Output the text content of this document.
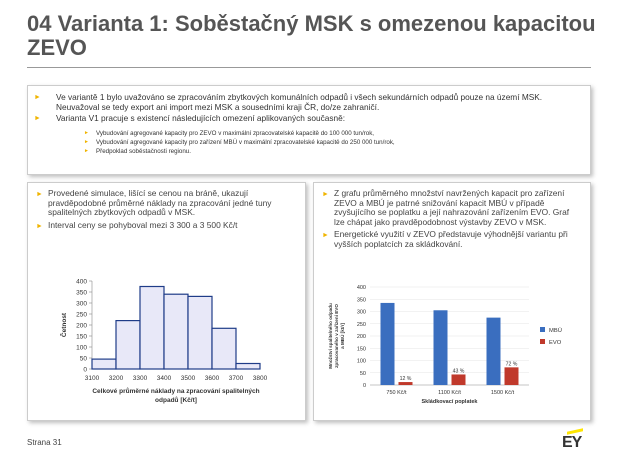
04 Varianta 1: Soběstačný MSK s omezenou kapacitou ZEVO
► Ve variantě 1 bylo uvažováno se zpracováním zbytkových komunálních odpadů i všech sekundárních odpadů pouze na území MSK. Neuvažoval se tedy export ani import mezi MSK a sousedními kraji ČR, do/ze zahraničí.
► Varianta V1 pracuje s existencí následujících omezení aplikovaných současně:
► Vybudování agregované kapacity pro ZEVO v maximální zpracovatelské kapacitě do 100 000 tun/rok,
► Vybudování agregované kapacity pro zařízení MBÚ v maximální zpracovatelské kapacitě do 250 000 tun/rok,
► Předpoklad soběstačnosti regionu.
► Provedené simulace, lišící se cenou na bráně, ukazují pravděpodobné průměrné náklady na zpracování jedné tuny spalitelných zbytkových odpadů v MSK.
► Interval ceny se pohyboval mezi 3 300 a 3 500 Kč/t
0
50
100
150
200
250
300
350
400
3100 3200 3300 3400 3500 3600 3700 3800
Četnost
Celkové průměrné náklady na zpracování spalitelných
odpadů [Kč/t]
► Z grafu průměrného množství navržených kapacit pro zařízení ZEVO a MBÚ je patrné snižování kapacit MBÚ v případě zvyšujícího se poplatku a její nahrazování zařízením EVO. Graf lze chápat jako pravděpodobnost výstavby ZEVO v MSK.
► Energetické využití v ZEVO představuje výhodnější variantu při vyšších poplatcích za skládkování.
0
50
100
150
200
250
300
350
400
12 %
750 Kč/t
43 %
1100 Kč/t
72 %
1500 Kč/t
Skládkovací poplatek
Množství spalitelného odpadu zpracovaného v zařízení EVO a MBÚ [kt/r]	MBÚ
EVO
Strana 31	EY
